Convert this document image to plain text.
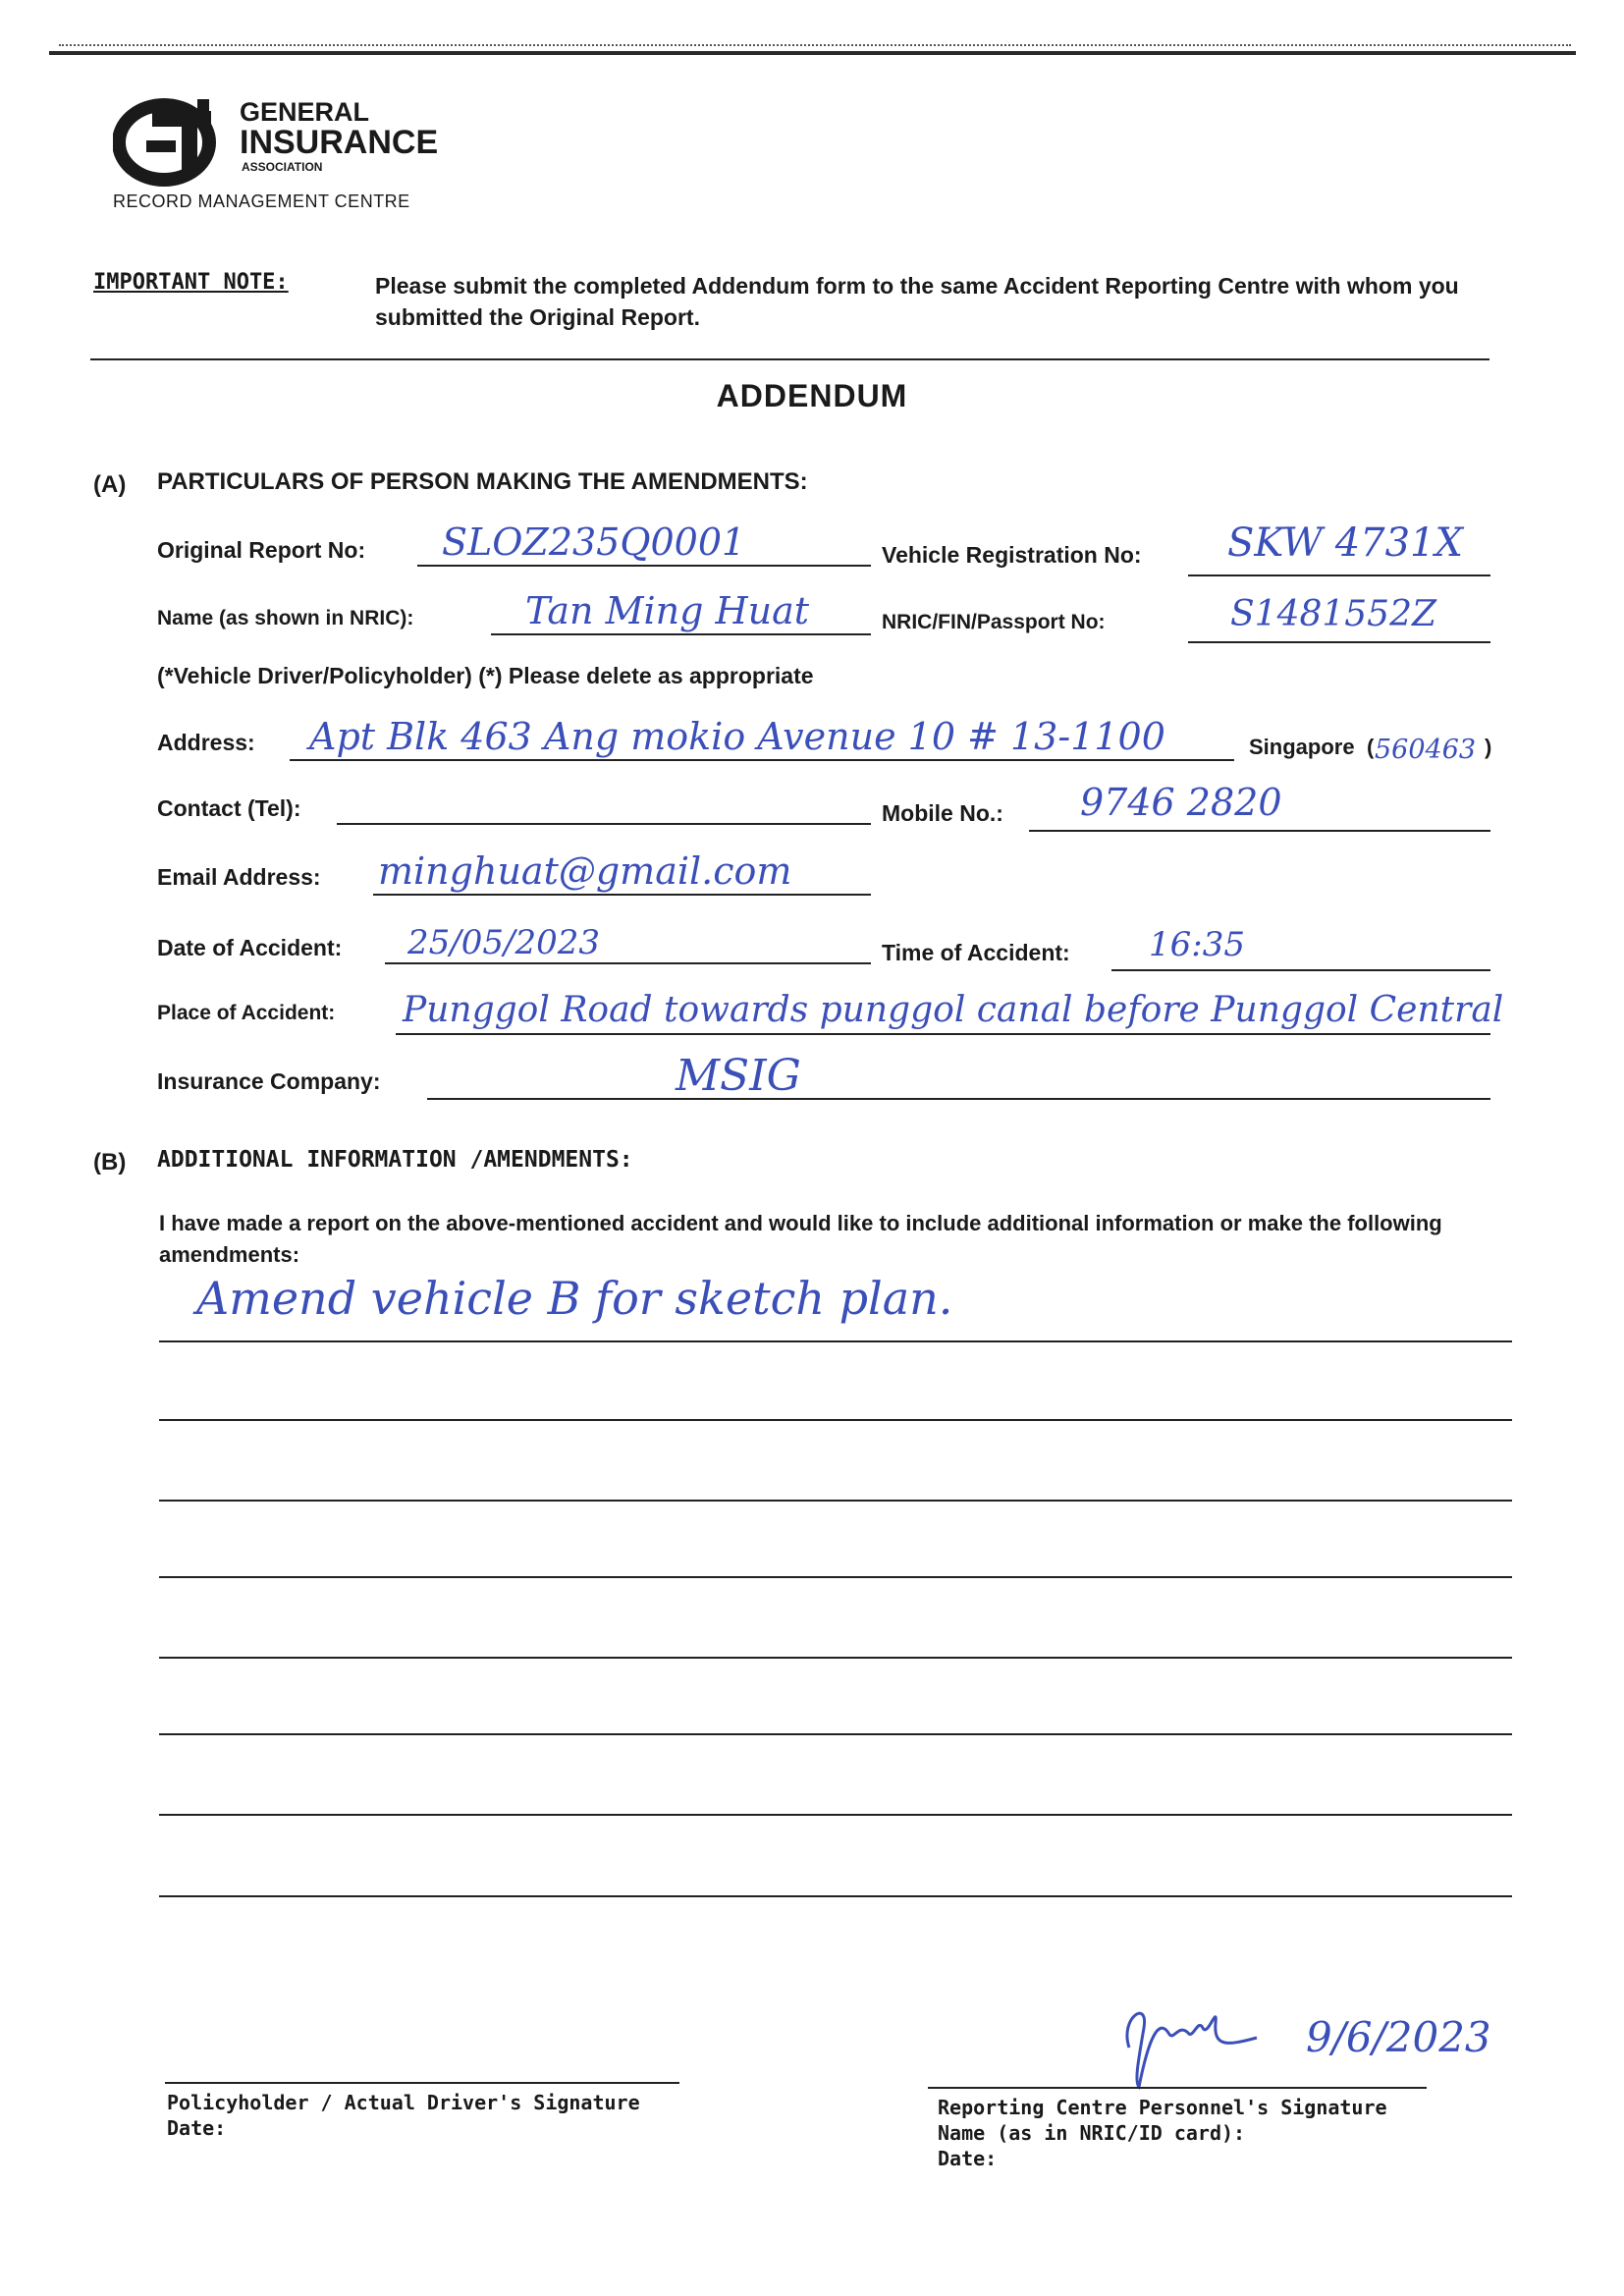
GENERAL
INSURANCE
ASSOCIATION
RECORD MANAGEMENT CENTRE
IMPORTANT NOTE:	Please submit the completed Addendum form to the same Accident Reporting Centre with whom you submitted the Original Report.
ADDENDUM
(A) PARTICULARS OF PERSON MAKING THE AMENDMENTS:
Original Report No: SLOZ235Q0001	Vehicle Registration No: SKW 4731X
Name (as shown in NRIC):	Tan Ming Huat	NRIC/FIN/Passport No:	S1481552Z
(*Vehicle Driver/Policyholder) (*) Please delete as appropriate
Address: Apt Blk 463 Ang mokio Avenue 10 # 13-1100	Singapore ( 560463 )
Contact (Tel):	Mobile No.: 9746 2820
Email Address: minghuat@gmail.com
Date of Accident: 25/05/2023	Time of Accident: 16:35
Place of Accident: Punggol Road towards punggol canal before Punggol Central
Insurance Company:	MSIG
(B) ADDITIONAL INFORMATION /AMENDMENTS:
I have made a report on the above-mentioned accident and would like to include additional information or make the following amendments:
Amend vehicle B for sketch plan.
Policyholder / Actual Driver's Signature
Date:
9/6/2023
Reporting Centre Personnel's Signature
Name (as in NRIC/ID card):
Date:
